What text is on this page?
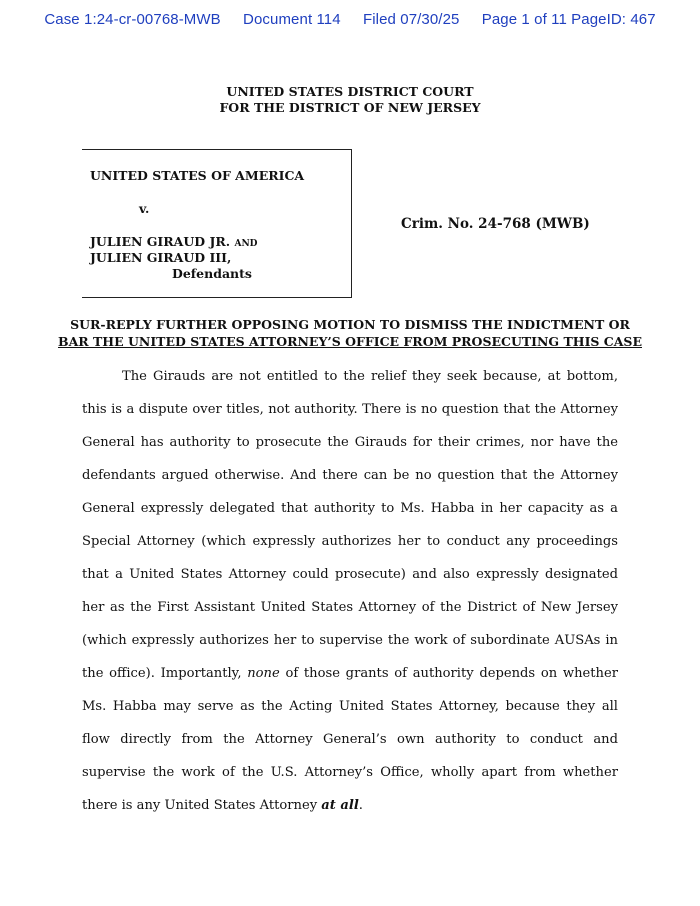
Case 1:24-cr-00768-MWB Document 114 Filed 07/30/25 Page 1 of 11 PageID: 467
UNITED STATES DISTRICT COURT
FOR THE DISTRICT OF NEW JERSEY
UNITED STATES OF AMERICA
v.
JULIEN GIRAUD JR. and
JULIEN GIRAUD III,
Defendants
Crim. No. 24-768 (MWB)
SUR-REPLY FURTHER OPPOSING MOTION TO DISMISS THE INDICTMENT OR
BAR THE UNITED STATES ATTORNEY’S OFFICE FROM PROSECUTING THIS CASE

The Girauds are not entitled to the relief they seek because, at bottom, this is a dispute over titles, not authority. There is no question that the Attorney General has authority to prosecute the Girauds for their crimes, nor have the defendants argued otherwise. And there can be no question that the Attorney General expressly delegated that authority to Ms. Habba in her capacity as a Special Attorney (which expressly authorizes her to conduct any proceedings that a United States Attorney could prosecute) and also expressly designated her as the First Assistant United States Attorney of the District of New Jersey (which expressly authorizes her to supervise the work of subordinate AUSAs in the office). Importantly, none of those grants of authority depends on whether Ms. Habba may serve as the Acting United States Attorney, because they all flow directly from the Attorney General’s own authority to conduct and supervise the work of the U.S. Attorney’s Office, wholly apart from whether there is any United States Attorney at all.
